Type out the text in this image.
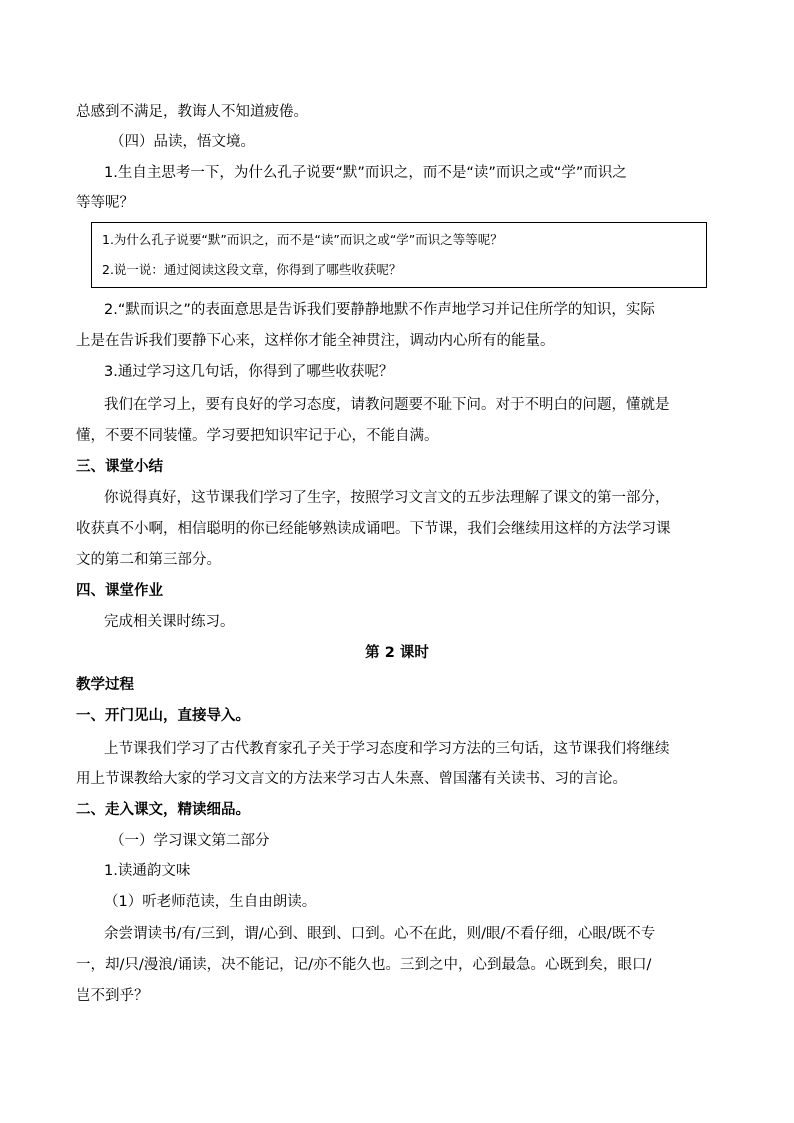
总感到不满足，教诲人不知道疲倦。
（四）品读，悟文境。
1.生自主思考一下，为什么孔子说要“默”而识之，而不是“读”而识之或“学”而识之
等等呢？
1.为什么孔子说要“默”而识之，而不是“读”而识之或“学”而识之等等呢？
2.说一说：通过阅读这段文章，你得到了哪些收获呢？
2.“默而识之”的表面意思是告诉我们要静静地默不作声地学习并记住所学的知识，实际
上是在告诉我们要静下心来，这样你才能全神贯注，调动内心所有的能量。
3.通过学习这几句话，你得到了哪些收获呢？
我们在学习上，要有良好的学习态度，请教问题要不耻下问。对于不明白的问题，懂就是
懂，不要不同装懂。学习要把知识牢记于心，不能自满。
三、课堂小结
你说得真好，这节课我们学习了生字，按照学习文言文的五步法理解了课文的第一部分，
收获真不小啊，相信聪明的你已经能够熟读成诵吧。下节课，我们会继续用这样的方法学习课
文的第二和第三部分。
四、课堂作业
完成相关课时练习。
第 2 课时
教学过程
一、开门见山，直接导入。
上节课我们学习了古代教育家孔子关于学习态度和学习方法的三句话，这节课我们将继续
用上节课教给大家的学习文言文的方法来学习古人朱熹、曾国藩有关读书、习的言论。
二、走入课文，精读细品。
（一）学习课文第二部分
1.读通韵文味
（1）听老师范读，生自由朗读。
余尝谓读书/有/三到，谓/心到、眼到、口到。心不在此，则/眼/不看仔细，心眼/既不专
一，却/只/漫浪/诵读，决不能记，记/亦不能久也。三到之中，心到最急。心既到矣，眼口/
岂不到乎？
